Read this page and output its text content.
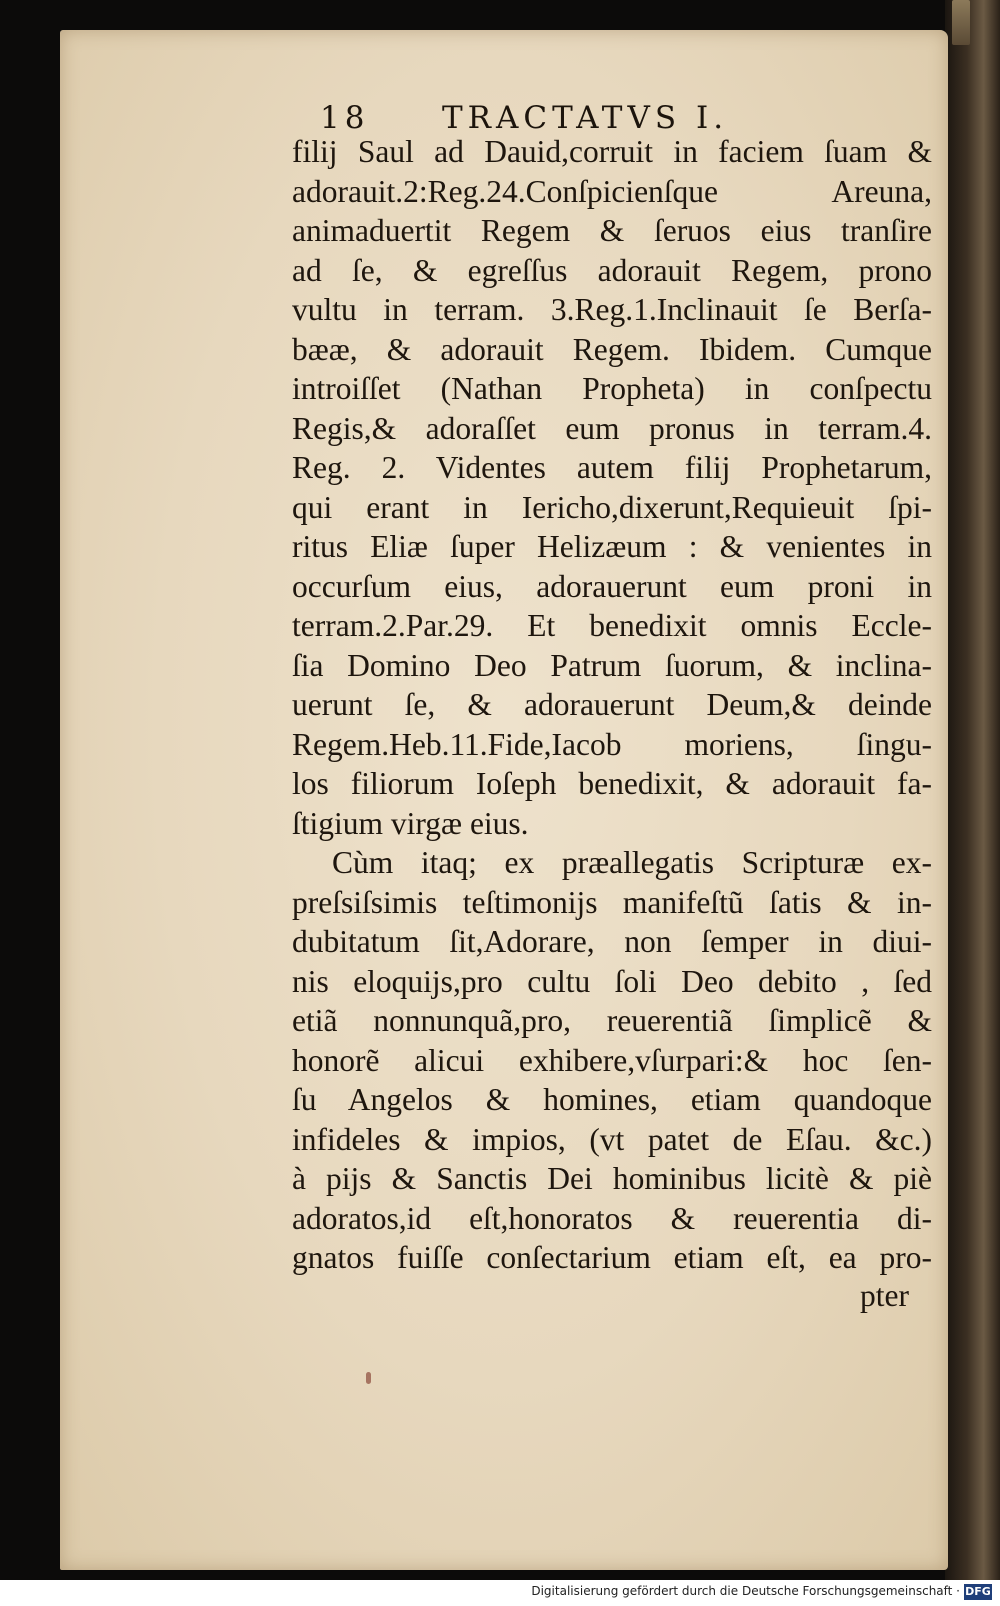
18 TRACTATVS I.
filij Saul ad Dauid,corruit in faciem ſuam &
adorauit.2:Reg.24.Conſpicienſque Areuna,
animaduertit Regem & ſeruos eius tranſire
ad ſe, & egreſſus adorauit Regem, prono
vultu in terram. 3.Reg.1.Inclinauit ſe Berſa-
bææ, & adorauit Regem. Ibidem. Cumque
introiſſet (Nathan Propheta) in conſpectu
Regis,& adoraſſet eum pronus in terram.4.
Reg. 2. Videntes autem filij Prophetarum,
qui erant in Iericho,dixerunt,Requieuit ſpi-
ritus Eliæ ſuper Helizæum : & venientes in
occurſum eius, adorauerunt eum proni in
terram.2.Par.29. Et benedixit omnis Eccle-
ſia Domino Deo Patrum ſuorum, & inclina-
uerunt ſe, & adorauerunt Deum,& deinde
Regem.Heb.11.Fide,Iacob moriens, ſingu-
los filiorum Ioſeph benedixit, & adorauit fa-
ſtigium virgæ eius.
Cùm itaq; ex præallegatis Scripturæ ex-
preſsiſsimis teſtimonijs manifeſtũ ſatis & in-
dubitatum ſit,Adorare, non ſemper in diui-
nis eloquijs,pro cultu ſoli Deo debito , ſed
etiã nonnunquã,pro, reuerentiã ſimplicẽ &
honorẽ alicui exhibere,vſurpari:& hoc ſen-
ſu Angelos & homines, etiam quandoque
infideles & impios, (vt patet de Eſau. &c.)
à pijs & Sanctis Dei hominibus licitè & piè
adoratos,id eſt,honoratos & reuerentia di-
gnatos fuiſſe conſectarium etiam eſt, ea pro-
pter
Digitalisierung gefördert durch die Deutsche Forschungsgemeinschaft · DFG
